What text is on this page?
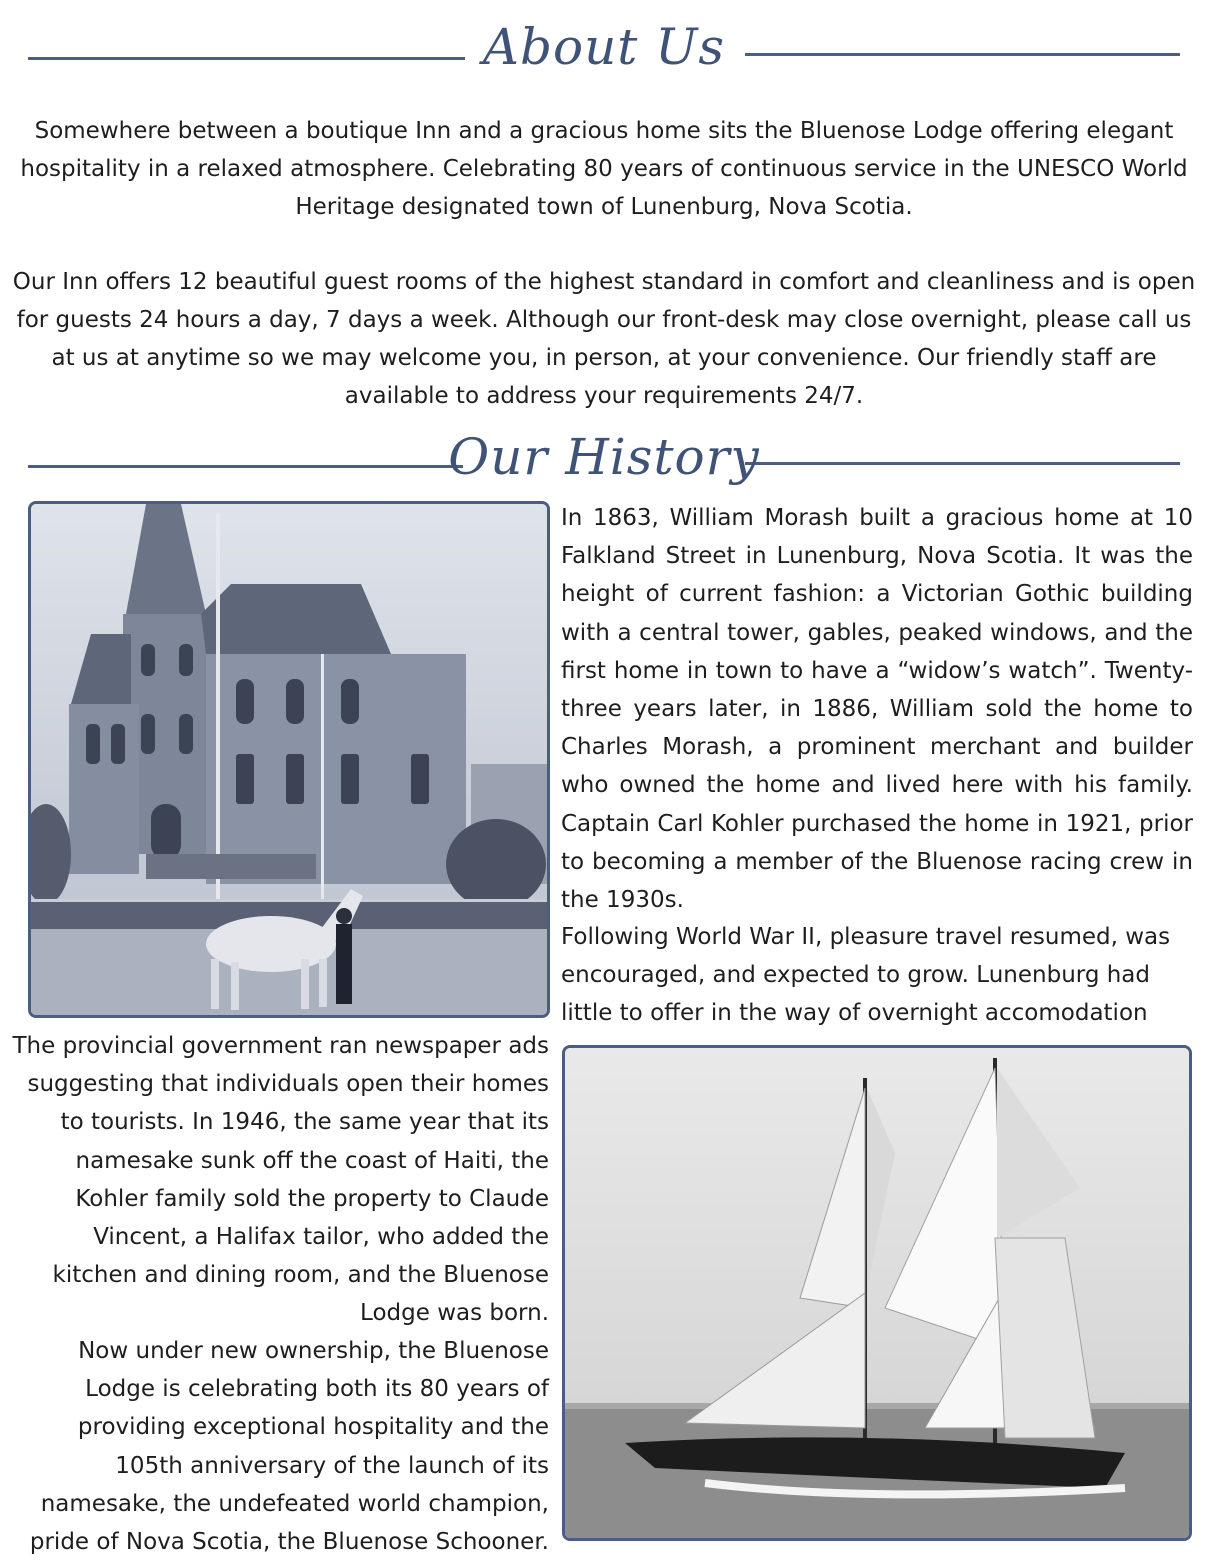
About Us

Somewhere between a boutique Inn and a gracious home sits the Bluenose Lodge offering elegant hospitality in a relaxed atmosphere. Celebrating 80 years of continuous service in the UNESCO World Heritage designated town of Lunenburg, Nova Scotia.

Our Inn offers 12 beautiful guest rooms of the highest standard in comfort and cleanliness and is open for guests 24 hours a day, 7 days a week. Although our front-desk may close overnight, please call us at us at anytime so we may welcome you, in person, at your convenience. Our friendly staff are available to address your requirements 24/7.

Our History

In 1863, William Morash built a gracious home at 10 Falkland Street in Lunenburg, Nova Scotia. It was the height of current fashion: a Victorian Gothic building with a central tower, gables, peaked windows, and the first home in town to have a “widow’s watch”. Twenty-three years later, in 1886, William sold the home to Charles Morash, a prominent merchant and builder who owned the home and lived here with his family. Captain Carl Kohler purchased the home in 1921, prior to becoming a member of the Bluenose racing crew in the 1930s.

Following World War II, pleasure travel resumed, was encouraged, and expected to grow. Lunenburg had little to offer in the way of overnight accomodation

The provincial government ran newspaper ads suggesting that individuals open their homes to tourists. In 1946, the same year that its namesake sunk off the coast of Haiti, the Kohler family sold the property to Claude Vincent, a Halifax tailor, who added the kitchen and dining room, and the Bluenose Lodge was born.

Now under new ownership, the Bluenose Lodge is celebrating both its 80 years of providing exceptional hospitality and the 105th anniversary of the launch of its namesake, the undefeated world champion, pride of Nova Scotia, the Bluenose Schooner.
